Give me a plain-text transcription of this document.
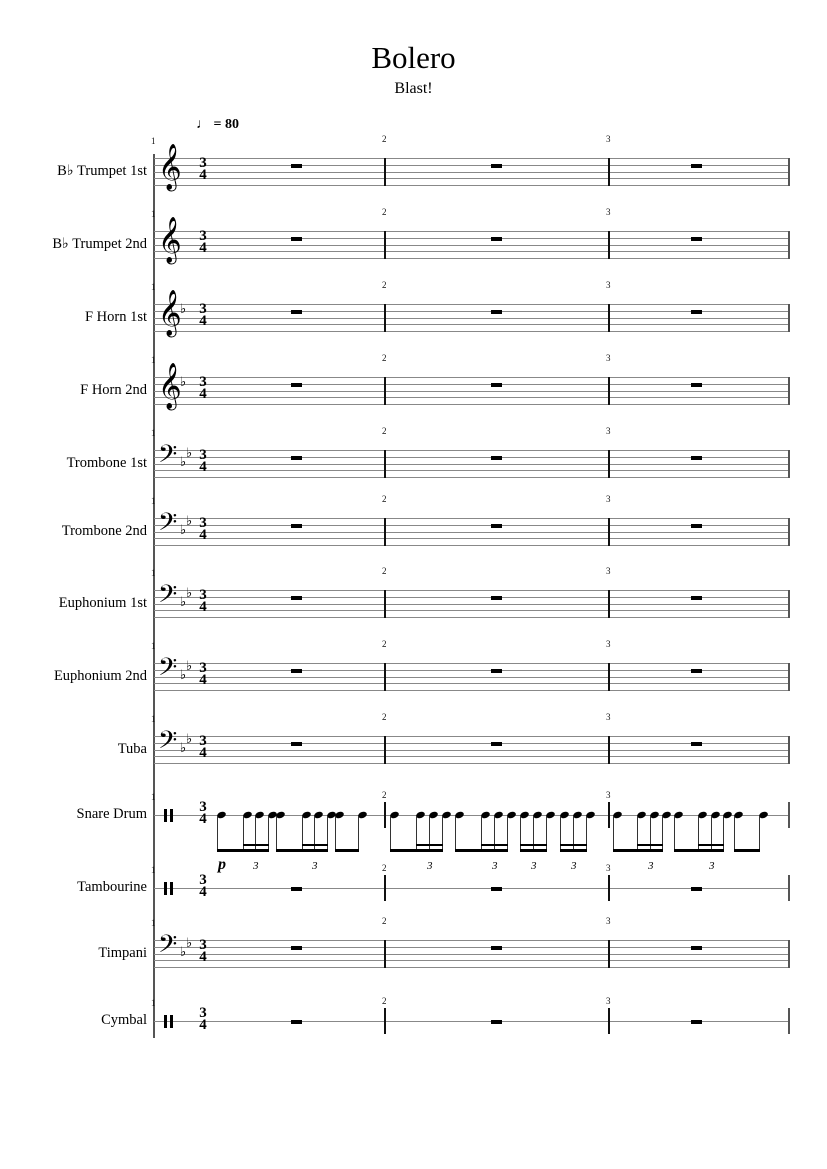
Bolero
Blast!
♩ = 80
B♭ Trumpet 1st
1	2	3
𝄞 3
4
B♭ Trumpet 2nd
1	2	3
𝄞 3
4
F Horn 1st
1	2	3
𝄞
♭ 3
4
F Horn 2nd
1	2	3
𝄞
♭ 3
4
Trombone 1st
1	2	3
𝄢 ♭
♭ 3
4
Trombone 2nd
1	2	3
𝄢 ♭
♭ 3
4
Euphonium 1st
1	2	3
𝄢 ♭
♭ 3
4
Euphonium 2nd
1	2	3
𝄢 ♭
♭ 3
4
Tuba
1	2	3
𝄢 ♭
♭ 3
4
Snare Drum
1	2	3
3
4
3	3	3	3	3	3	3	3
p
Tambourine
1	2	3
3
4
Timpani
1	2	3
𝄢 ♭
♭ 3
4
Cymbal
1	2	3
3
4
